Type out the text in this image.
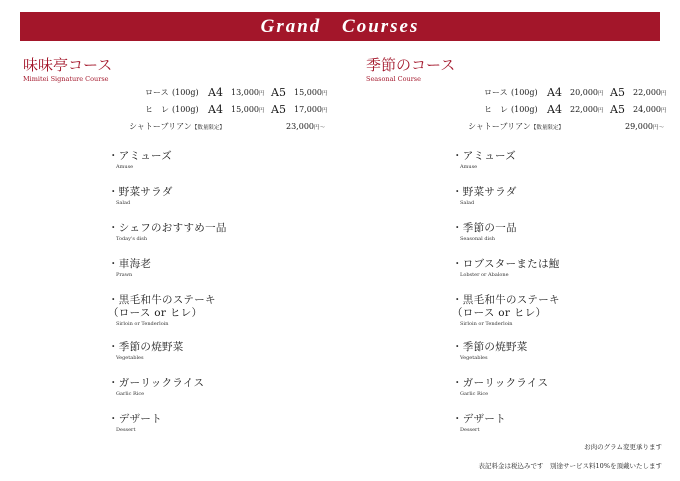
Grand Courses
味味亭コース
Mimitei Signature Course
ロース (100g) A4 13,000円 A5 15,000円
ヒ　レ (100g) A4 15,000円 A5 17,000円
シャトーブリアン【数量限定】	23,000円〜
・アミューズ
Amuse
・野菜サラダ
Salad
・シェフのおすすめ一品
Today's dish
・車海老
Prawn
・黒毛和牛のステーキ
（ロース or ヒレ）
Sirloin or Tenderloin
・季節の焼野菜
Vegetables
・ガーリックライス
Garlic Rice
・デザート
Dessert
季節のコース
Seasonal Course
ロース (100g) A4 20,000円 A5 22,000円
ヒ　レ (100g) A4 22,000円 A5 24,000円
シャトーブリアン【数量限定】	29,000円〜
・アミューズ
Amuse
・野菜サラダ
Salad
・季節の一品
Seasonal dish
・ロブスターまたは鮑
Lobster or Abalone
・黒毛和牛のステーキ
（ロース or ヒレ）
Sirloin or Tenderloin
・季節の焼野菜
Vegetables
・ガーリックライス
Garlic Rice
・デザート
Dessert
お肉のグラム変更承ります
表記料金は税込みです　別途サービス料10%を頂戴いたします
